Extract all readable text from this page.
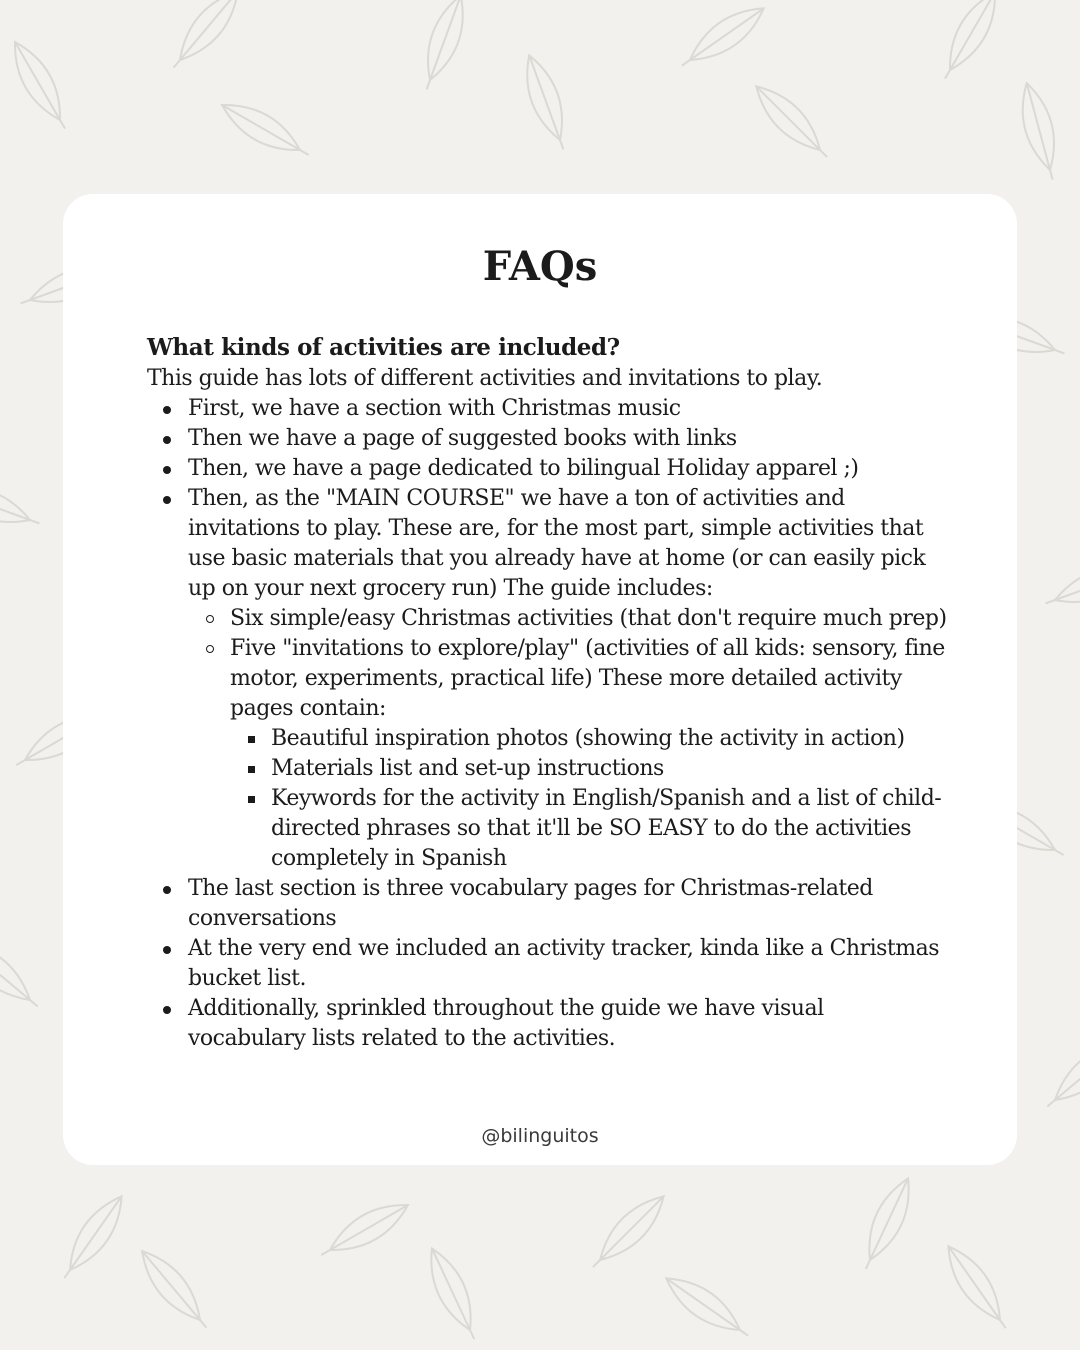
FAQs

What kinds of activities are included?

This guide has lots of different activities and invitations to play.

First, we have a section with Christmas music
Then we have a page of suggested books with links
Then, we have a page dedicated to bilingual Holiday apparel ;)
Then, as the "MAIN COURSE" we have a ton of activities and invitations to play. These are, for the most part, simple activities that use basic materials that you already have at home (or can easily pick up on your next grocery run) The guide includes:
Six simple/easy Christmas activities (that don't require much prep)
Five "invitations to explore/play" (activities of all kids: sensory, fine motor, experiments, practical life) These more detailed activity pages contain:
Beautiful inspiration photos (showing the activity in action)
Materials list and set-up instructions
Keywords for the activity in English/Spanish and a list of child-directed phrases so that it'll be SO EASY to do the activities completely in Spanish
The last section is three vocabulary pages for Christmas-related conversations
At the very end we included an activity tracker, kinda like a Christmas bucket list.
Additionally, sprinkled throughout the guide we have visual vocabulary lists related to the activities.
@bilinguitos
